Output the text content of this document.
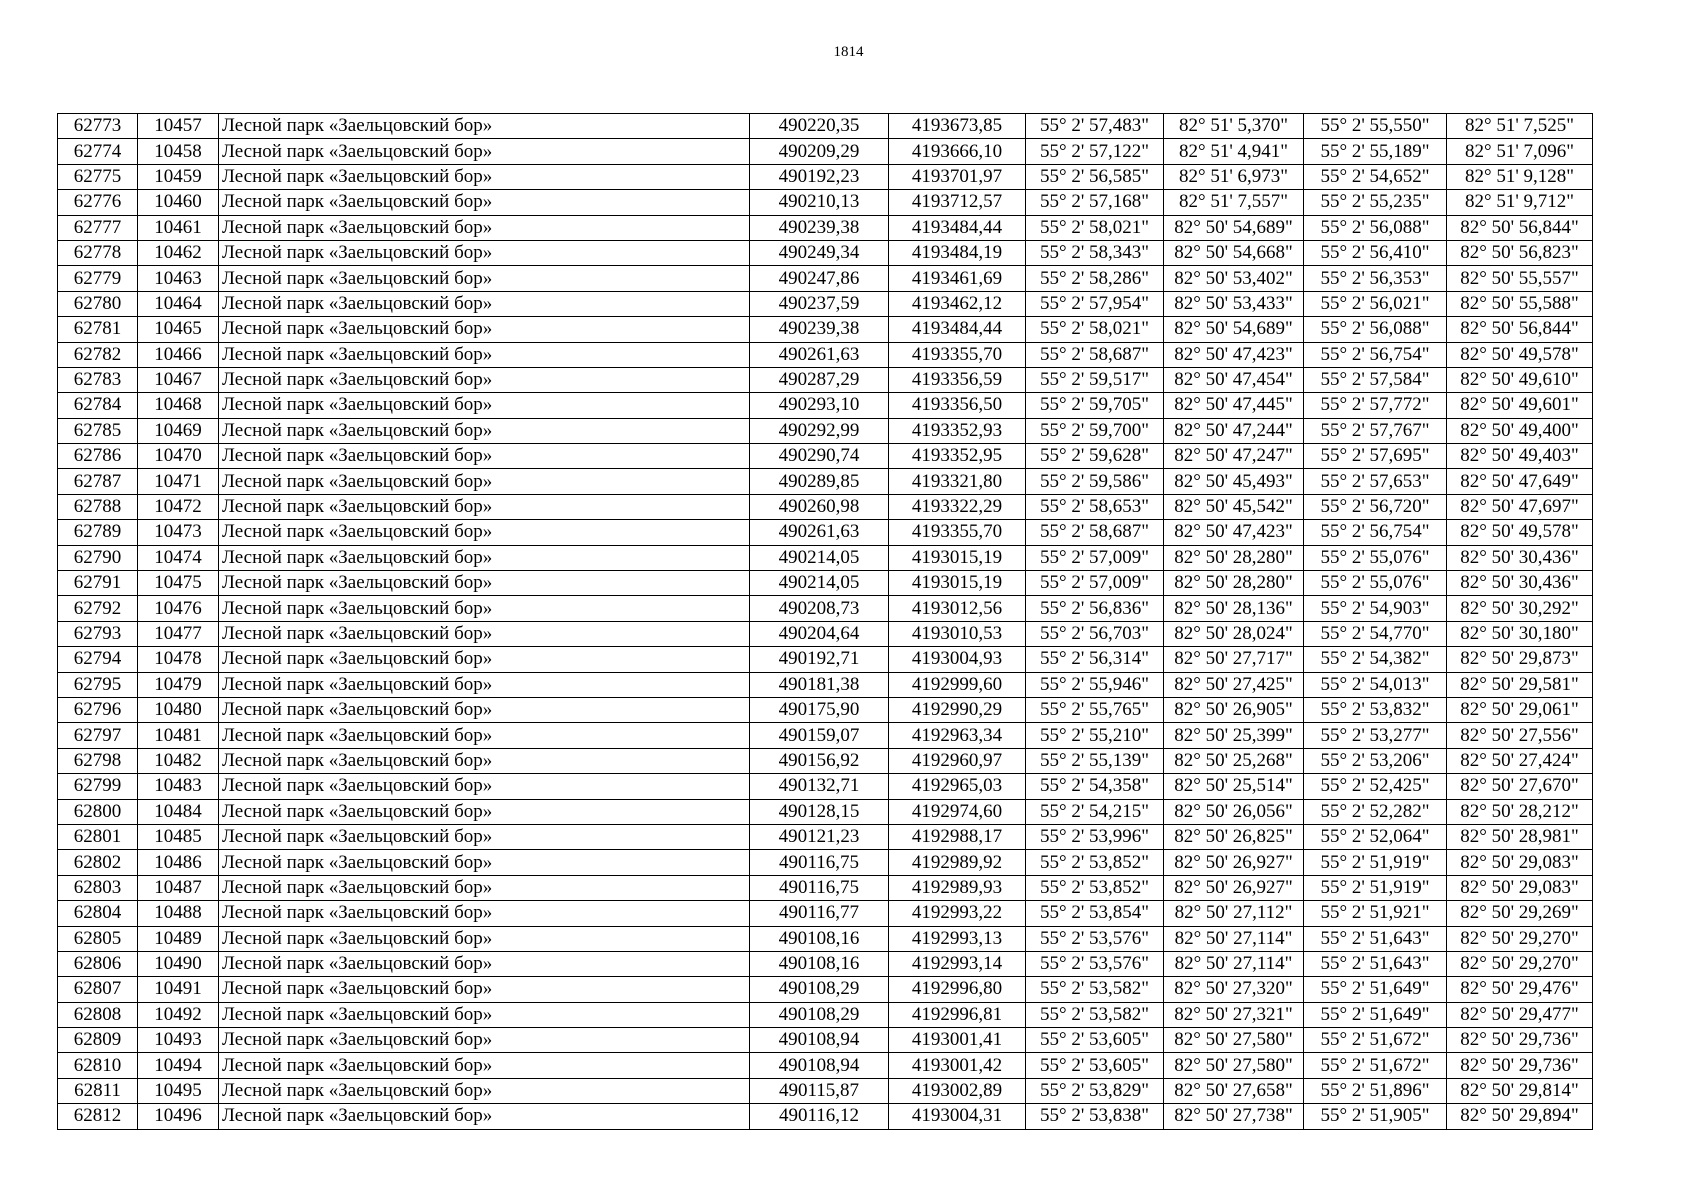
1814
62773	10457	Лесной парк «Заельцовский бор»	490220,35	4193673,85	55° 2' 57,483"	82° 51' 5,370"	55° 2' 55,550"	82° 51' 7,525"
62774	10458	Лесной парк «Заельцовский бор»	490209,29	4193666,10	55° 2' 57,122"	82° 51' 4,941"	55° 2' 55,189"	82° 51' 7,096"
62775	10459	Лесной парк «Заельцовский бор»	490192,23	4193701,97	55° 2' 56,585"	82° 51' 6,973"	55° 2' 54,652"	82° 51' 9,128"
62776	10460	Лесной парк «Заельцовский бор»	490210,13	4193712,57	55° 2' 57,168"	82° 51' 7,557"	55° 2' 55,235"	82° 51' 9,712"
62777	10461	Лесной парк «Заельцовский бор»	490239,38	4193484,44	55° 2' 58,021"	82° 50' 54,689"	55° 2' 56,088"	82° 50' 56,844"
62778	10462	Лесной парк «Заельцовский бор»	490249,34	4193484,19	55° 2' 58,343"	82° 50' 54,668"	55° 2' 56,410"	82° 50' 56,823"
62779	10463	Лесной парк «Заельцовский бор»	490247,86	4193461,69	55° 2' 58,286"	82° 50' 53,402"	55° 2' 56,353"	82° 50' 55,557"
62780	10464	Лесной парк «Заельцовский бор»	490237,59	4193462,12	55° 2' 57,954"	82° 50' 53,433"	55° 2' 56,021"	82° 50' 55,588"
62781	10465	Лесной парк «Заельцовский бор»	490239,38	4193484,44	55° 2' 58,021"	82° 50' 54,689"	55° 2' 56,088"	82° 50' 56,844"
62782	10466	Лесной парк «Заельцовский бор»	490261,63	4193355,70	55° 2' 58,687"	82° 50' 47,423"	55° 2' 56,754"	82° 50' 49,578"
62783	10467	Лесной парк «Заельцовский бор»	490287,29	4193356,59	55° 2' 59,517"	82° 50' 47,454"	55° 2' 57,584"	82° 50' 49,610"
62784	10468	Лесной парк «Заельцовский бор»	490293,10	4193356,50	55° 2' 59,705"	82° 50' 47,445"	55° 2' 57,772"	82° 50' 49,601"
62785	10469	Лесной парк «Заельцовский бор»	490292,99	4193352,93	55° 2' 59,700"	82° 50' 47,244"	55° 2' 57,767"	82° 50' 49,400"
62786	10470	Лесной парк «Заельцовский бор»	490290,74	4193352,95	55° 2' 59,628"	82° 50' 47,247"	55° 2' 57,695"	82° 50' 49,403"
62787	10471	Лесной парк «Заельцовский бор»	490289,85	4193321,80	55° 2' 59,586"	82° 50' 45,493"	55° 2' 57,653"	82° 50' 47,649"
62788	10472	Лесной парк «Заельцовский бор»	490260,98	4193322,29	55° 2' 58,653"	82° 50' 45,542"	55° 2' 56,720"	82° 50' 47,697"
62789	10473	Лесной парк «Заельцовский бор»	490261,63	4193355,70	55° 2' 58,687"	82° 50' 47,423"	55° 2' 56,754"	82° 50' 49,578"
62790	10474	Лесной парк «Заельцовский бор»	490214,05	4193015,19	55° 2' 57,009"	82° 50' 28,280"	55° 2' 55,076"	82° 50' 30,436"
62791	10475	Лесной парк «Заельцовский бор»	490214,05	4193015,19	55° 2' 57,009"	82° 50' 28,280"	55° 2' 55,076"	82° 50' 30,436"
62792	10476	Лесной парк «Заельцовский бор»	490208,73	4193012,56	55° 2' 56,836"	82° 50' 28,136"	55° 2' 54,903"	82° 50' 30,292"
62793	10477	Лесной парк «Заельцовский бор»	490204,64	4193010,53	55° 2' 56,703"	82° 50' 28,024"	55° 2' 54,770"	82° 50' 30,180"
62794	10478	Лесной парк «Заельцовский бор»	490192,71	4193004,93	55° 2' 56,314"	82° 50' 27,717"	55° 2' 54,382"	82° 50' 29,873"
62795	10479	Лесной парк «Заельцовский бор»	490181,38	4192999,60	55° 2' 55,946"	82° 50' 27,425"	55° 2' 54,013"	82° 50' 29,581"
62796	10480	Лесной парк «Заельцовский бор»	490175,90	4192990,29	55° 2' 55,765"	82° 50' 26,905"	55° 2' 53,832"	82° 50' 29,061"
62797	10481	Лесной парк «Заельцовский бор»	490159,07	4192963,34	55° 2' 55,210"	82° 50' 25,399"	55° 2' 53,277"	82° 50' 27,556"
62798	10482	Лесной парк «Заельцовский бор»	490156,92	4192960,97	55° 2' 55,139"	82° 50' 25,268"	55° 2' 53,206"	82° 50' 27,424"
62799	10483	Лесной парк «Заельцовский бор»	490132,71	4192965,03	55° 2' 54,358"	82° 50' 25,514"	55° 2' 52,425"	82° 50' 27,670"
62800	10484	Лесной парк «Заельцовский бор»	490128,15	4192974,60	55° 2' 54,215"	82° 50' 26,056"	55° 2' 52,282"	82° 50' 28,212"
62801	10485	Лесной парк «Заельцовский бор»	490121,23	4192988,17	55° 2' 53,996"	82° 50' 26,825"	55° 2' 52,064"	82° 50' 28,981"
62802	10486	Лесной парк «Заельцовский бор»	490116,75	4192989,92	55° 2' 53,852"	82° 50' 26,927"	55° 2' 51,919"	82° 50' 29,083"
62803	10487	Лесной парк «Заельцовский бор»	490116,75	4192989,93	55° 2' 53,852"	82° 50' 26,927"	55° 2' 51,919"	82° 50' 29,083"
62804	10488	Лесной парк «Заельцовский бор»	490116,77	4192993,22	55° 2' 53,854"	82° 50' 27,112"	55° 2' 51,921"	82° 50' 29,269"
62805	10489	Лесной парк «Заельцовский бор»	490108,16	4192993,13	55° 2' 53,576"	82° 50' 27,114"	55° 2' 51,643"	82° 50' 29,270"
62806	10490	Лесной парк «Заельцовский бор»	490108,16	4192993,14	55° 2' 53,576"	82° 50' 27,114"	55° 2' 51,643"	82° 50' 29,270"
62807	10491	Лесной парк «Заельцовский бор»	490108,29	4192996,80	55° 2' 53,582"	82° 50' 27,320"	55° 2' 51,649"	82° 50' 29,476"
62808	10492	Лесной парк «Заельцовский бор»	490108,29	4192996,81	55° 2' 53,582"	82° 50' 27,321"	55° 2' 51,649"	82° 50' 29,477"
62809	10493	Лесной парк «Заельцовский бор»	490108,94	4193001,41	55° 2' 53,605"	82° 50' 27,580"	55° 2' 51,672"	82° 50' 29,736"
62810	10494	Лесной парк «Заельцовский бор»	490108,94	4193001,42	55° 2' 53,605"	82° 50' 27,580"	55° 2' 51,672"	82° 50' 29,736"
62811	10495	Лесной парк «Заельцовский бор»	490115,87	4193002,89	55° 2' 53,829"	82° 50' 27,658"	55° 2' 51,896"	82° 50' 29,814"
62812	10496	Лесной парк «Заельцовский бор»	490116,12	4193004,31	55° 2' 53,838"	82° 50' 27,738"	55° 2' 51,905"	82° 50' 29,894"
